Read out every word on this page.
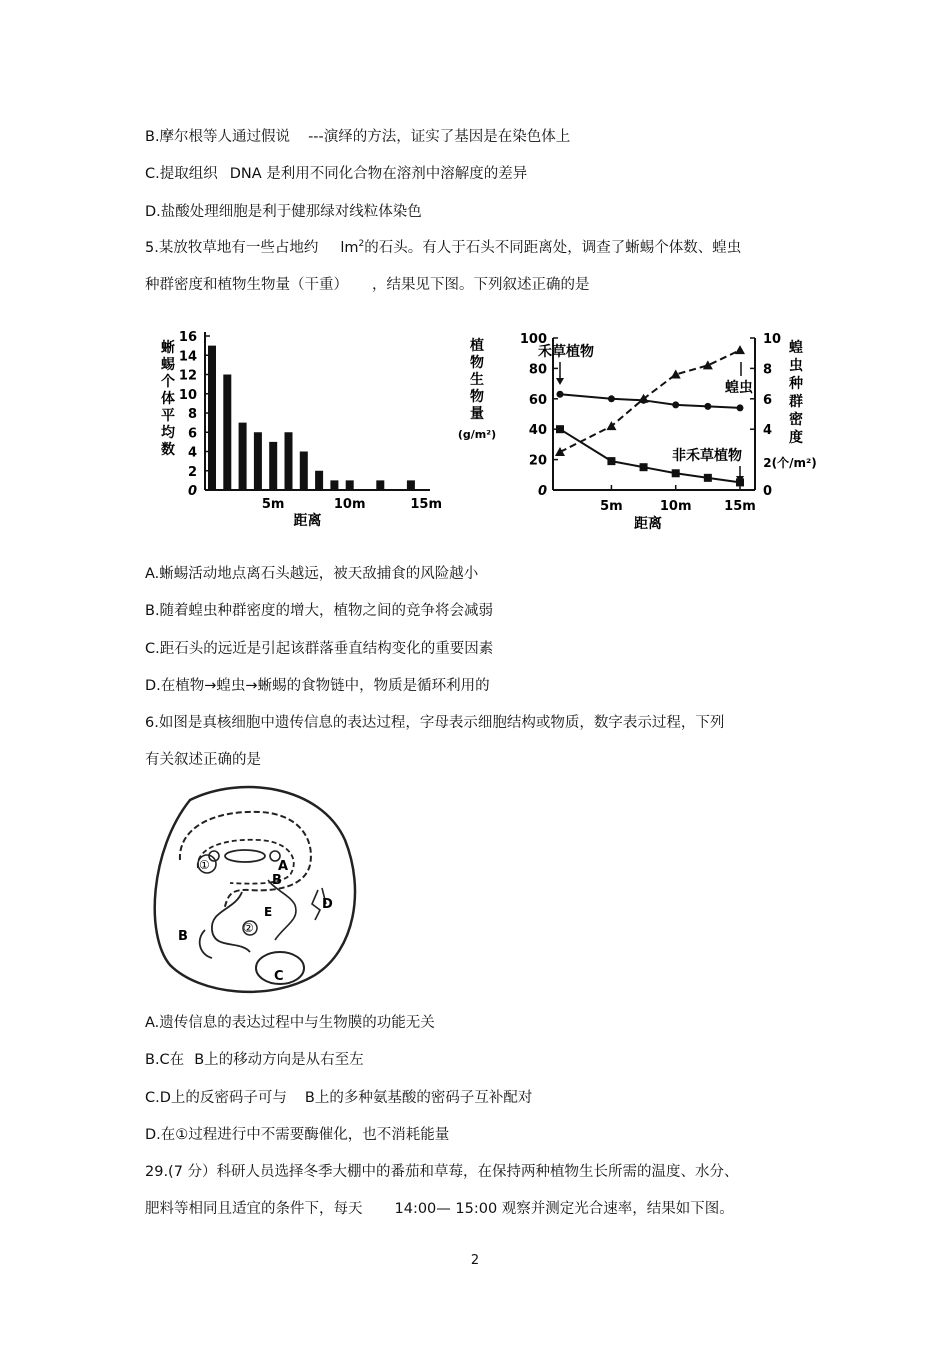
B.摩尔根等人通过假说 ---演绎的方法，证实了基因是在染色体上
C.提取组织 DNA 是利用不同化合物在溶剂中溶解度的差异
D.盐酸处理细胞是利于健那绿对线粒体染色
5.某放牧草地有一些占地约 $lm^2$的石头。有人于石头不同距离处，调查了蜥蜴个体数、蝗虫
种群密度和植物生物量（干重） ，结果见下图。下列叙述正确的是
16
14
12
10
8
6
4
2
0
5m	10m	15m
距离
蜥蜴个体平均数
100
80
60
40
20
0
10
8
6
4
0
5m	10m	15m
距离
植物生物量(g/m²)
蝗虫种群密度 2(个/m²)
禾草植物
非禾草植物
蝗虫
A.蜥蜴活动地点离石头越远，被天敌捕食的风险越小
B.随着蝗虫种群密度的增大，植物之间的竞争将会减弱
C.距石头的远近是引起该群落垂直结构变化的重要因素
D.在植物→蝗虫→蜥蜴的食物链中，物质是循环利用的
6.如图是真核细胞中遗传信息的表达过程，字母表示细胞结构或物质，数字表示过程，下列
有关叙述正确的是
A
B
B
C
D
E
①
②
A.遗传信息的表达过程中与生物膜的功能无关
B.C在 B上的移动方向是从右至左
C.D上的反密码子可与 B上的多种氨基酸的密码子互补配对
D.在①过程进行中不需要酶催化，也不消耗能量
29.(7 分）科研人员选择冬季大棚中的番茄和草莓，在保持两种植物生长所需的温度、水分、
肥料等相同且适宜的条件下，每天 14:00— 15:00 观察并测定光合速率，结果如下图。
2
